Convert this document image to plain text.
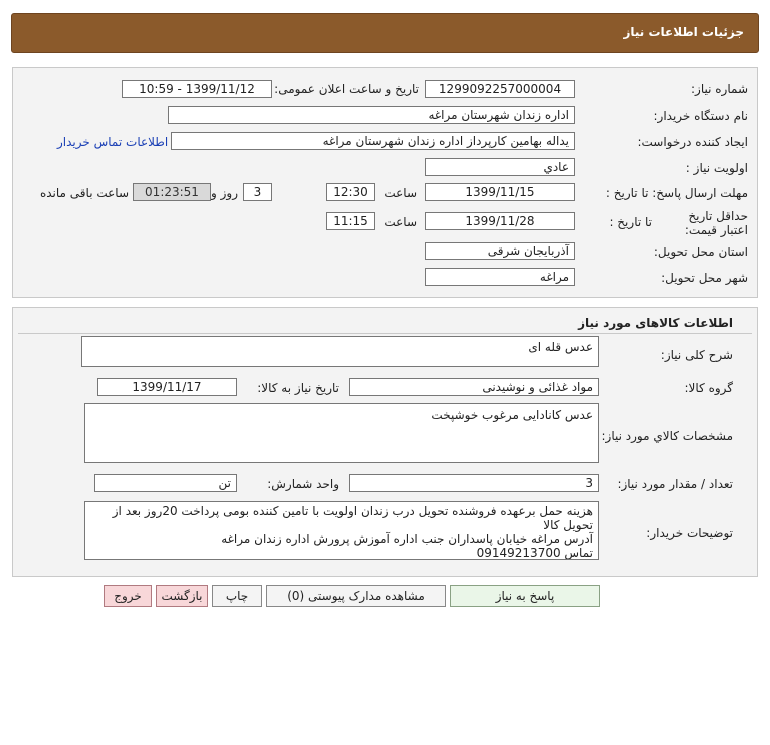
جزئیات اطلاعات نیاز
شماره نیاز:
1299092257000004
تاریخ و ساعت اعلان عمومی:
1399/11/12 - 10:59
نام دستگاه خریدار:
اداره زندان شهرستان مراغه
ایجاد کننده درخواست:
یداله بهامین کارپرداز اداره زندان شهرستان مراغه
اطلاعات تماس خریدار
اولویت نیاز :
عادي
مهلت ارسال پاسخ: تا تاریخ :
1399/11/15
ساعت
12:30
3
روز و
01:23:51
ساعت باقی مانده
حداقل تاریخ اعتبار قیمت:
تا تاریخ :
1399/11/28
ساعت
11:15
استان محل تحویل:
آذربایجان شرقی
شهر محل تحویل:
مراغه
اطلاعات کالاهای مورد نیاز
شرح کلی نیاز:
عدس قله ای
گروه کالا:
مواد غذائی و نوشیدنی
تاریخ نیاز به کالا:
1399/11/17
مشخصات کالاي مورد نیاز:
عدس کانادایی مرغوب خوشپخت
تعداد / مقدار مورد نیاز:
3
واحد شمارش:
تن
توضیحات خریدار:
هزینه حمل برعهده فروشنده تحویل درب زندان اولویت با تامین کننده بومی پرداخت 20روز بعد از تحویل کالا
آدرس مراغه خیابان پاسداران جنب اداره آموزش پرورش اداره زندان مراغه
تماس 09149213700
پاسخ به نیاز
مشاهده مدارک پیوستی (0)
چاپ
بازگشت
خروج
